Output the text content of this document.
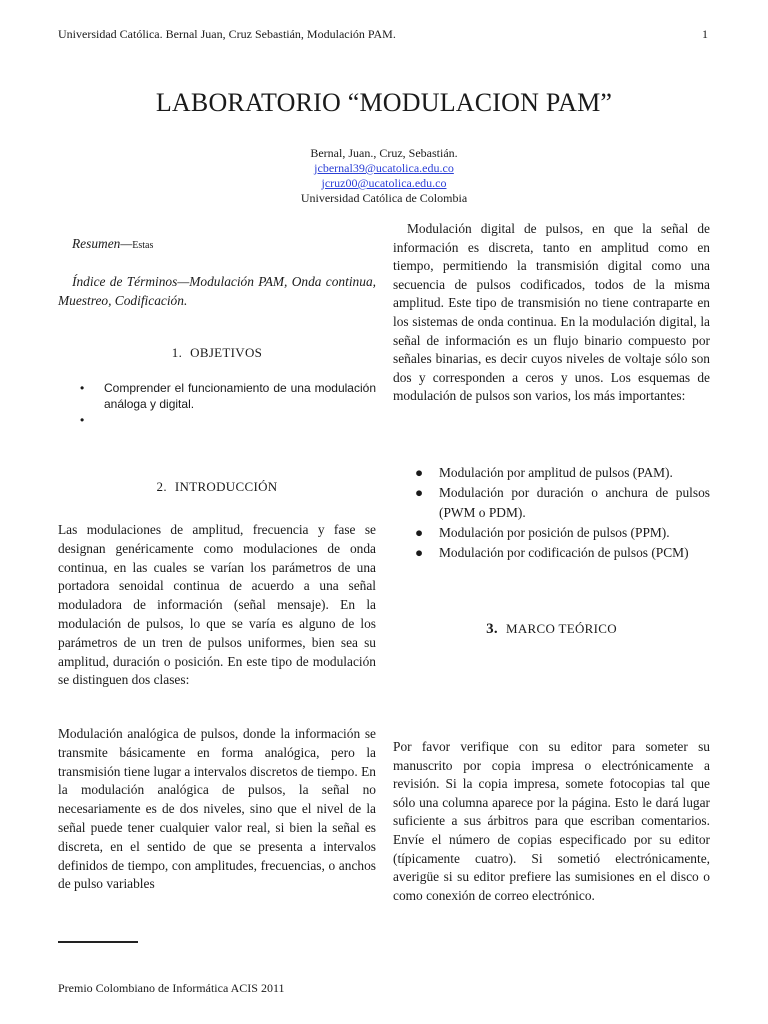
Universidad Católica. Bernal Juan, Cruz Sebastián, Modulación PAM.	1
LABORATORIO “MODULACION PAM”
Bernal, Juan., Cruz, Sebastián.
jcbernal39@ucatolica.edu.co
jcruz00@ucatolica.edu.co
Universidad Católica de Colombia
Resumen—Estas
Índice de Términos—Modulación PAM, Onda continua, Muestreo, Codificación.
1. OBJETIVOS
• Comprender el funcionamiento de una modulación análoga y digital.
•

2. INTRODUCCIÓN

Las modulaciones de amplitud, frecuencia y fase se designan genéricamente como modulaciones de onda continua, en las cuales se varían los parámetros de una portadora senoidal continua de acuerdo a una señal moduladora de información (señal mensaje). En la modulación de pulsos, lo que se varía es alguno de los parámetros de un tren de pulsos uniformes, bien sea su amplitud, duración o posición. En este tipo de modulación se distinguen dos clases:

Modulación analógica de pulsos, donde la información se transmite básicamente en forma analógica, pero la transmisión tiene lugar a intervalos discretos de tiempo. En la modulación analógica de pulsos, la señal no necesariamente es de dos niveles, sino que el nivel de la señal puede tener cualquier valor real, si bien la señal es discreta, en el sentido de que se presenta a intervalos definidos de tiempo, con amplitudes, frecuencias, o anchos de pulso variables

Premio Colombiano de Informática ACIS 2011

Modulación digital de pulsos, en que la señal de información es discreta, tanto en amplitud como en tiempo, permitiendo la transmisión digital como una secuencia de pulsos codificados, todos de la misma amplitud. Este tipo de transmisión no tiene contraparte en los sistemas de onda continua. En la modulación digital, la señal de información es un flujo binario compuesto por señales binarias, es decir cuyos niveles de voltaje sólo son dos y corresponden a ceros y unos. Los esquemas de modulación de pulsos son varios, los más importantes:

● Modulación por amplitud de pulsos (PAM).
● Modulación por duración o anchura de pulsos (PWM o PDM).
● Modulación por posición de pulsos (PPM).
● Modulación por codificación de pulsos (PCM)
3. MARCO TEÓRICO

Por favor verifique con su editor para someter su manuscrito por copia impresa o electrónicamente a revisión. Si la copia impresa, somete fotocopias tal que sólo una columna aparece por la página. Esto le dará lugar suficiente a sus árbitros para que escriban comentarios. Envíe el número de copias especificado por su editor (típicamente cuatro). Si sometió electrónicamente, averigüe si su editor prefiere las sumisiones en el disco o como conexión de correo electrónico.
